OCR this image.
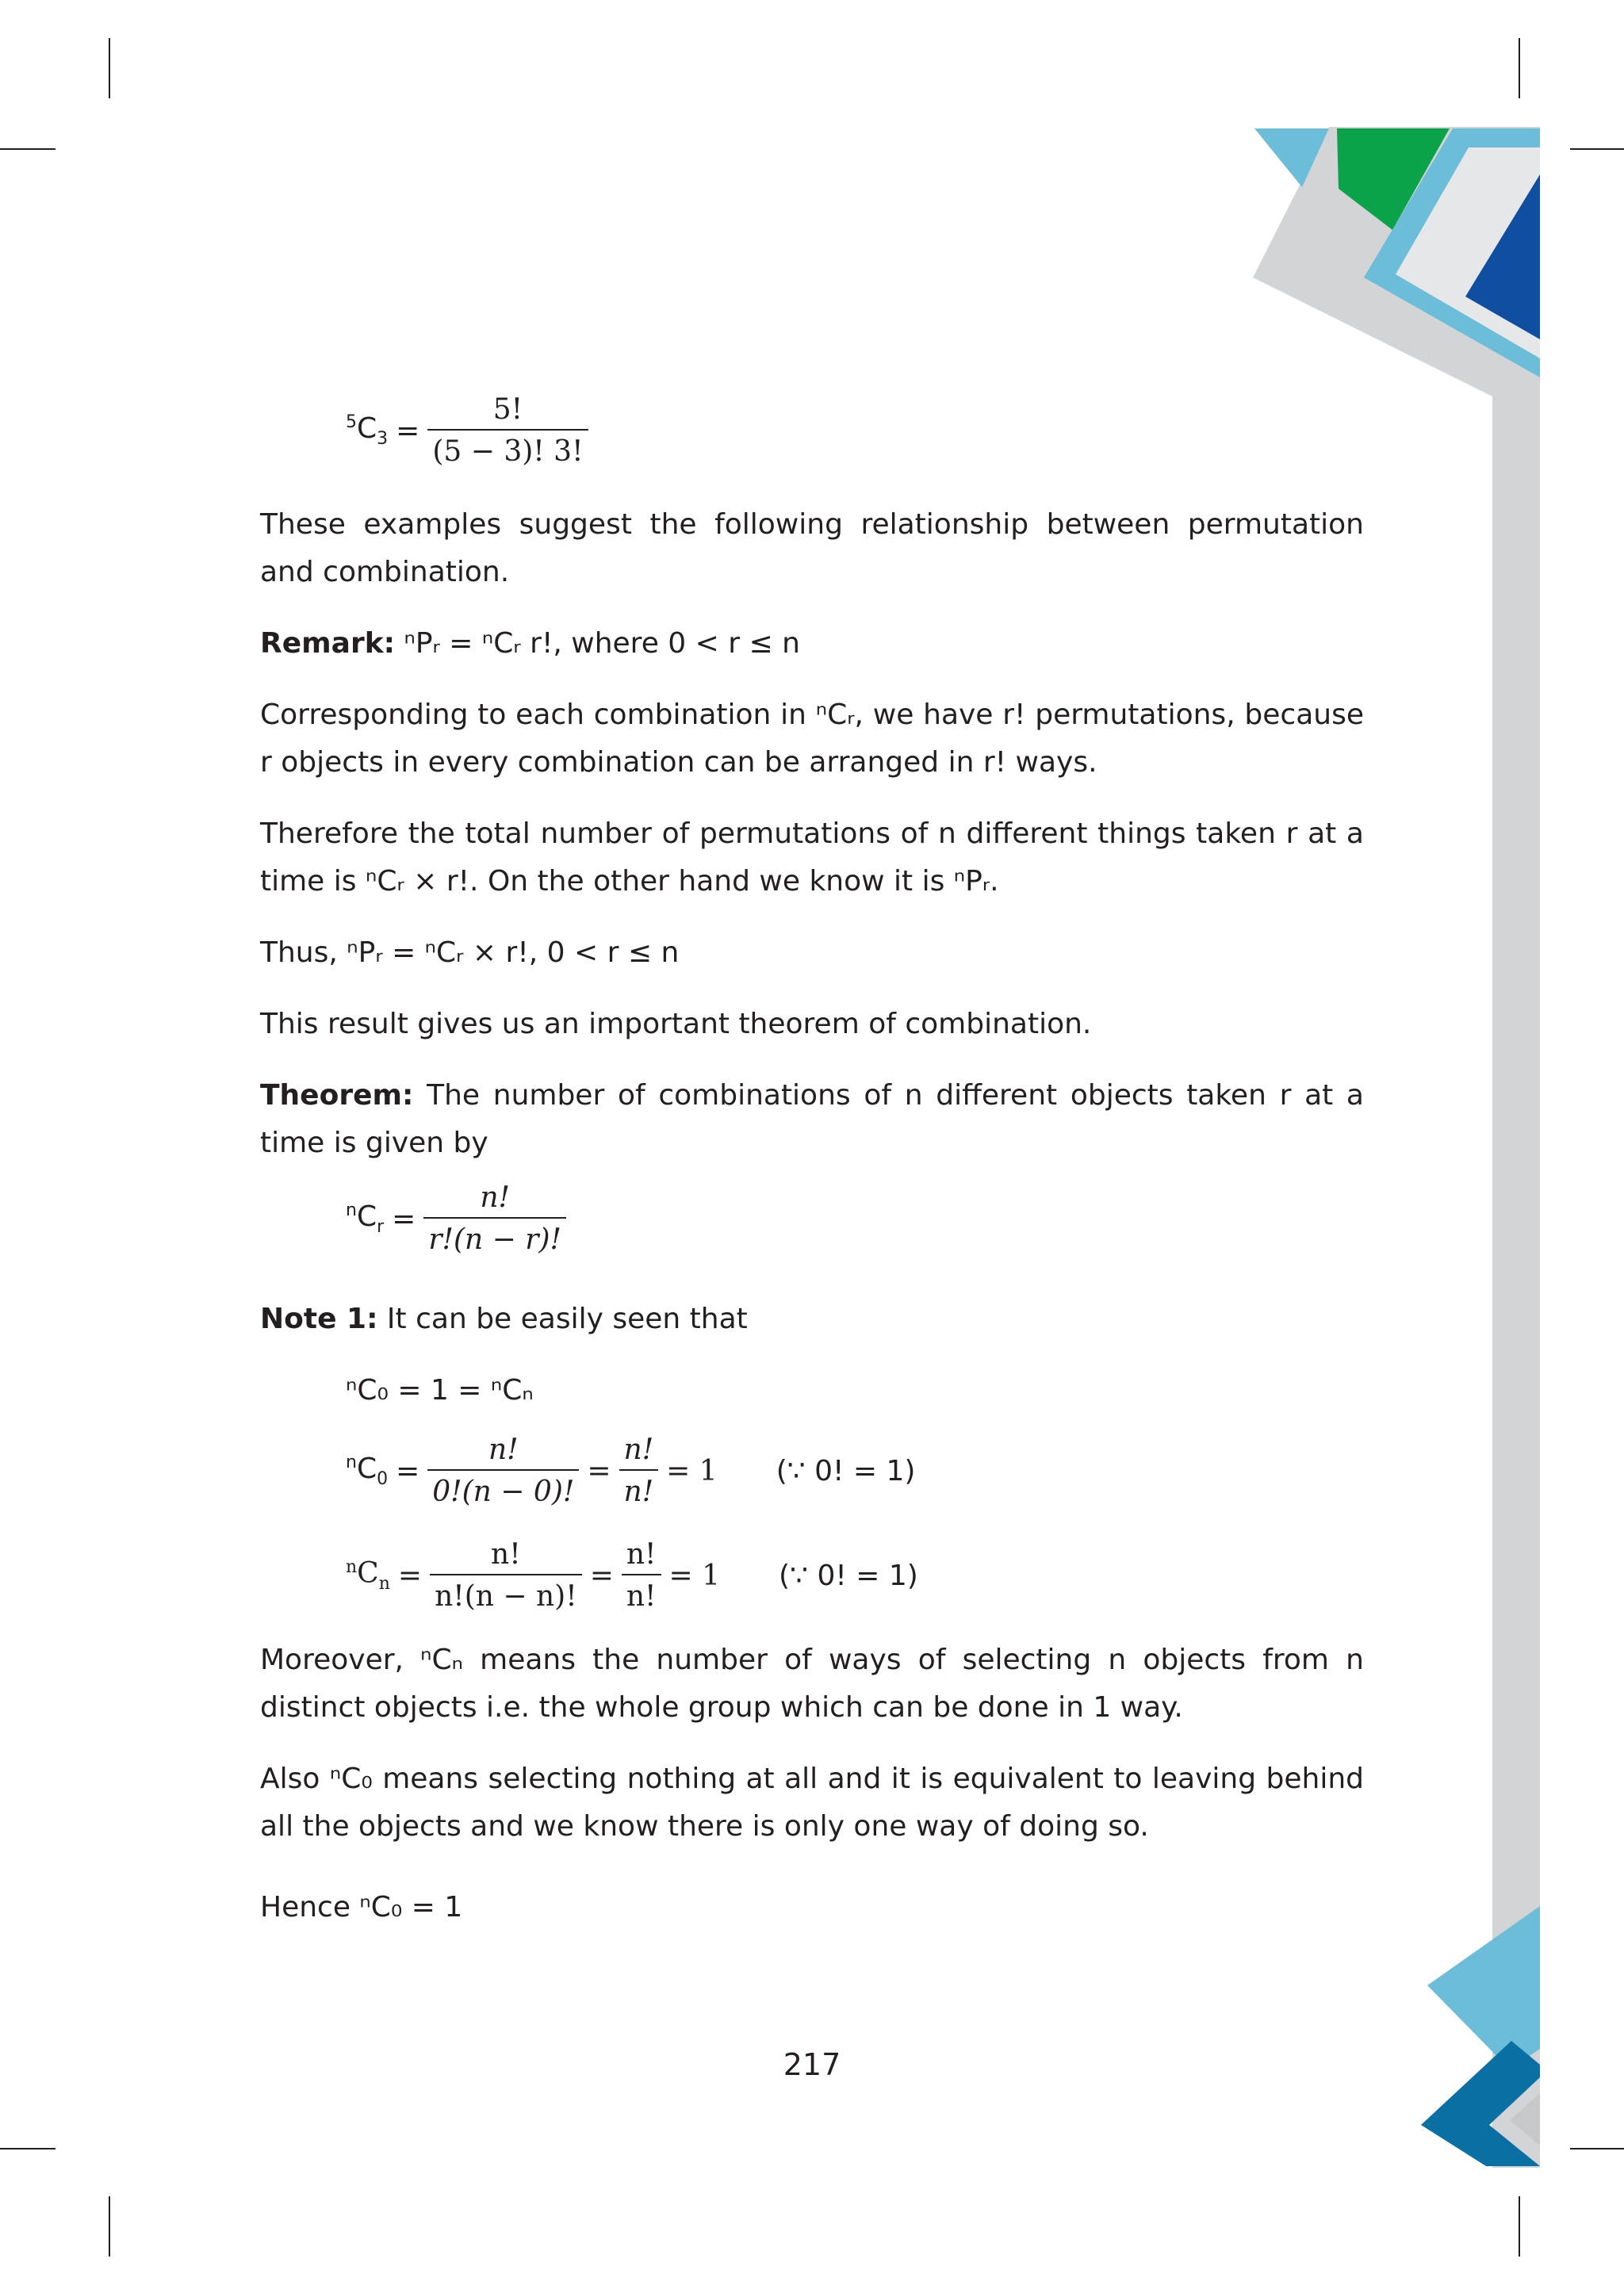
$^5C_3 = \frac{5!}{(5 - 3)! 3!}$
These examples suggest the following relationship between permutation and combination.
Remark: ⁿPᵣ = ⁿCᵣ r!, where 0 < r ≤ n
Corresponding to each combination in ⁿCᵣ, we have r! permutations, because r objects in every combination can be arranged in r! ways.
Therefore the total number of permutations of n different things taken r at a time is ⁿCᵣ × r!. On the other hand we know it is ⁿPᵣ.
Thus, ⁿPᵣ = ⁿCᵣ × r!, 0 < r ≤ n
This result gives us an important theorem of combination.
Theorem: The number of combinations of n different objects taken r at a time is given by
$^nC_r = \frac{n!}{r!(n - r)!}$
Note 1: It can be easily seen that
ⁿC₀ = 1 = ⁿCₙ
$^nC_0 = \frac{n!}{0!(n - 0)!} = \frac{n!}{n!} = 1$ (∵ 0! = 1)
$^nC_n = \frac{n!}{n!(n - n)!} = \frac{n!}{n!} = 1$ (∵ 0! = 1)
Moreover, ⁿCₙ means the number of ways of selecting n objects from n distinct objects i.e. the whole group which can be done in 1 way.
Also ⁿC₀ means selecting nothing at all and it is equivalent to leaving behind all the objects and we know there is only one way of doing so.
Hence ⁿC₀ = 1
217
